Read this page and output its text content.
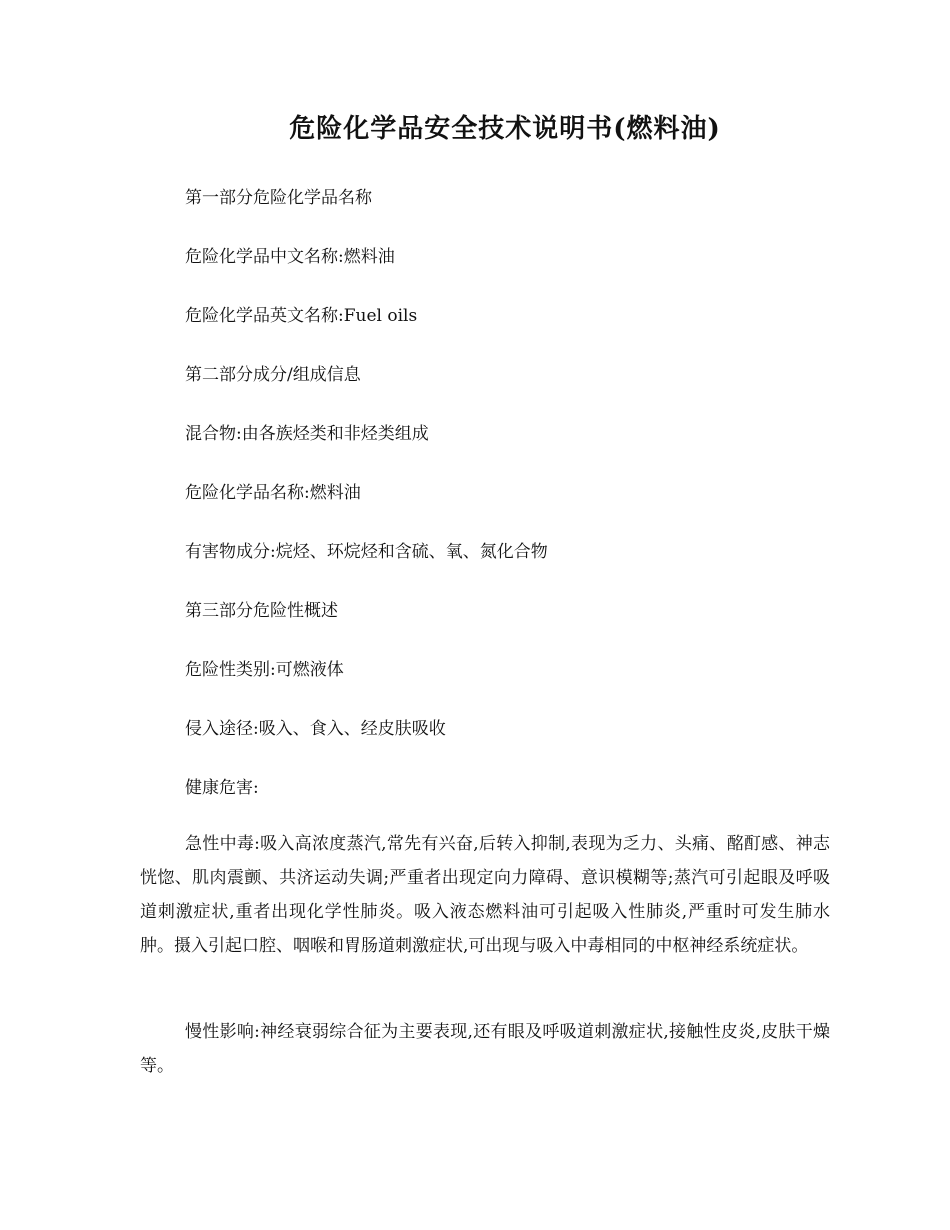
危险化学品安全技术说明书(燃料油)
第一部分危险化学品名称
危险化学品中文名称:燃料油
危险化学品英文名称:Fuel oils
第二部分成分/组成信息
混合物:由各族烃类和非烃类组成
危险化学品名称:燃料油
有害物成分:烷烃、环烷烃和含硫、氧、氮化合物
第三部分危险性概述
危险性类别:可燃液体
侵入途径:吸入、食入、经皮肤吸收
健康危害:
急性中毒:吸入高浓度蒸汽,常先有兴奋,后转入抑制,表现为乏力、头痛、酩酊感、神志恍惚、肌肉震颤、共济运动失调;严重者出现定向力障碍、意识模糊等;蒸汽可引起眼及呼吸道刺激症状,重者出现化学性肺炎。吸入液态燃料油可引起吸入性肺炎,严重时可发生肺水肿。摄入引起口腔、咽喉和胃肠道刺激症状,可出现与吸入中毒相同的中枢神经系统症状。
慢性影响:神经衰弱综合征为主要表现,还有眼及呼吸道刺激症状,接触性皮炎,皮肤干燥等。
